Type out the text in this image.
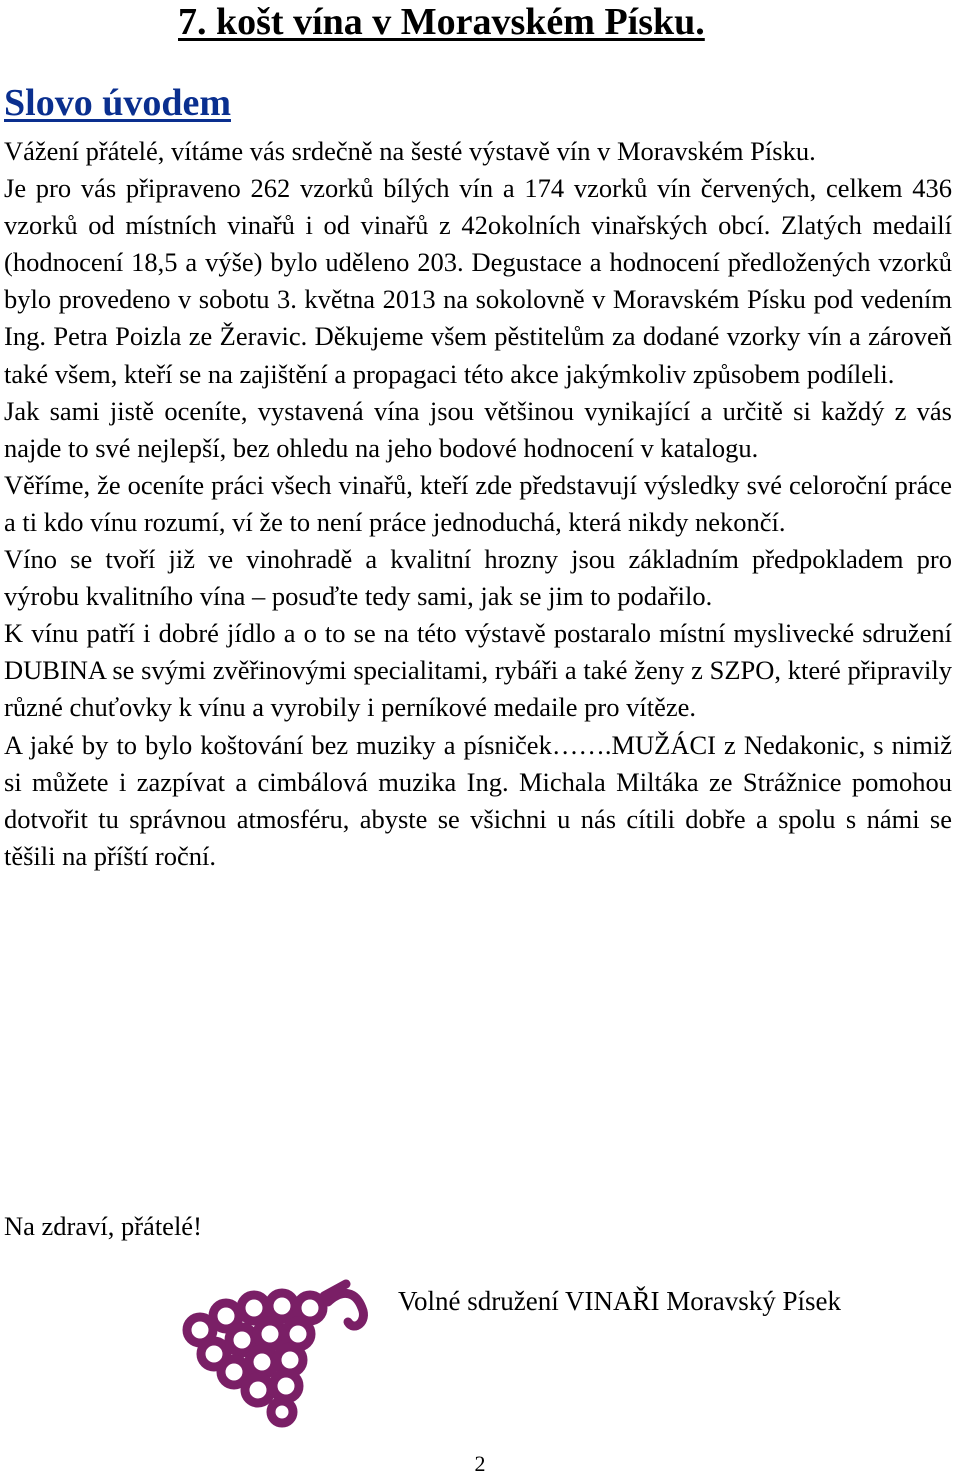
7. košt vína v Moravském Písku.
Slovo úvodem

Vážení přátelé, vítáme vás srdečně na šesté výstavě vín v Moravském Písku.

Je pro vás připraveno 262 vzorků bílých vín a 174 vzorků vín červených, celkem 436 vzorků od místních vinařů i od vinařů z 42okolních vinařských obcí. Zlatých medailí (hodnocení 18,5 a výše) bylo uděleno 203. Degustace a hodnocení předložených vzorků bylo provedeno v sobotu 3. května 2013 na sokolovně v Moravském Písku pod vedením Ing. Petra Poizla ze Žeravic. Děkujeme všem pěstitelům za dodané vzorky vín a zároveň také všem, kteří se na zajištění a propagaci této akce jakýmkoliv způsobem podíleli.

Jak sami jistě oceníte, vystavená vína jsou většinou vynikající a určitě si každý z vás najde to své nejlepší, bez ohledu na jeho bodové hodnocení v katalogu.

Věříme, že oceníte práci všech vinařů, kteří zde představují výsledky své celoroční práce a ti kdo vínu rozumí, ví že to není práce jednoduchá, která nikdy nekončí.

Víno se tvoří již ve vinohradě a kvalitní hrozny jsou základním předpokladem pro výrobu kvalitního vína – posuďte tedy sami, jak se jim to podařilo.

K vínu patří i dobré jídlo a o to se na této výstavě postaralo místní myslivecké sdružení DUBINA se svými zvěřinovými specialitami, rybáři a také ženy z SZPO, které připravily různé chuťovky k vínu a vyrobily i perníkové medaile pro vítěze.

A jaké by to bylo koštování bez muziky a písniček…….MUŽÁCI z Nedakonic, s nimiž si můžete i zazpívat a cimbálová muzika Ing. Michala Miltáka ze Strážnice pomohou dotvořit tu správnou atmosféru, abyste se všichni u nás cítili dobře a spolu s námi se těšili na příští roční.

Na zdraví, přátelé!
Volné sdružení VINAŘI Moravský Písek
2
